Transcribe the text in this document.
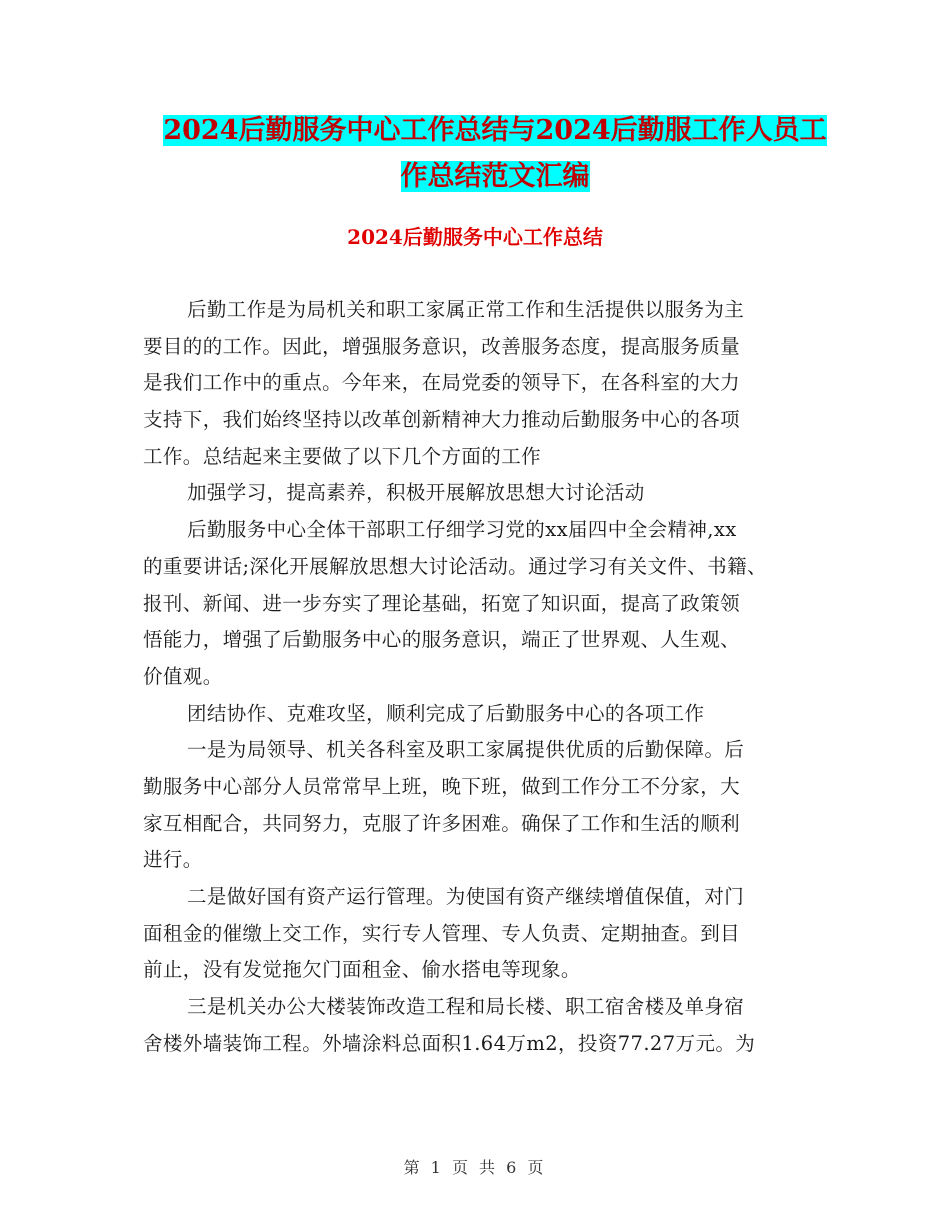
2024后勤服务中心工作总结与2024后勤服工作人员工
作总结范文汇编
2024后勤服务中心工作总结
后勤工作是为局机关和职工家属正常工作和生活提供以服务为主
要目的的工作。因此，增强服务意识，改善服务态度，提高服务质量
是我们工作中的重点。今年来，在局党委的领导下，在各科室的大力
支持下，我们始终坚持以改革创新精神大力推动后勤服务中心的各项
工作。总结起来主要做了以下几个方面的工作
加强学习，提高素养，积极开展解放思想大讨论活动
后勤服务中心全体干部职工仔细学习党的xx届四中全会精神,xx
的重要讲话;深化开展解放思想大讨论活动。通过学习有关文件、书籍、
报刊、新闻、进一步夯实了理论基础，拓宽了知识面，提高了政策领
悟能力，增强了后勤服务中心的服务意识，端正了世界观、人生观、
价值观。
团结协作、克难攻坚，顺利完成了后勤服务中心的各项工作
一是为局领导、机关各科室及职工家属提供优质的后勤保障。后
勤服务中心部分人员常常早上班，晚下班，做到工作分工不分家，大
家互相配合，共同努力，克服了许多困难。确保了工作和生活的顺利
进行。
二是做好国有资产运行管理。为使国有资产继续增值保值，对门
面租金的催缴上交工作，实行专人管理、专人负责、定期抽查。到目
前止，没有发觉拖欠门面租金、偷水搭电等现象。
三是机关办公大楼装饰改造工程和局长楼、职工宿舍楼及单身宿
舍楼外墙装饰工程。外墙涂料总面积1.64万m2，投资77.27万元。为
第 1 页 共 6 页
